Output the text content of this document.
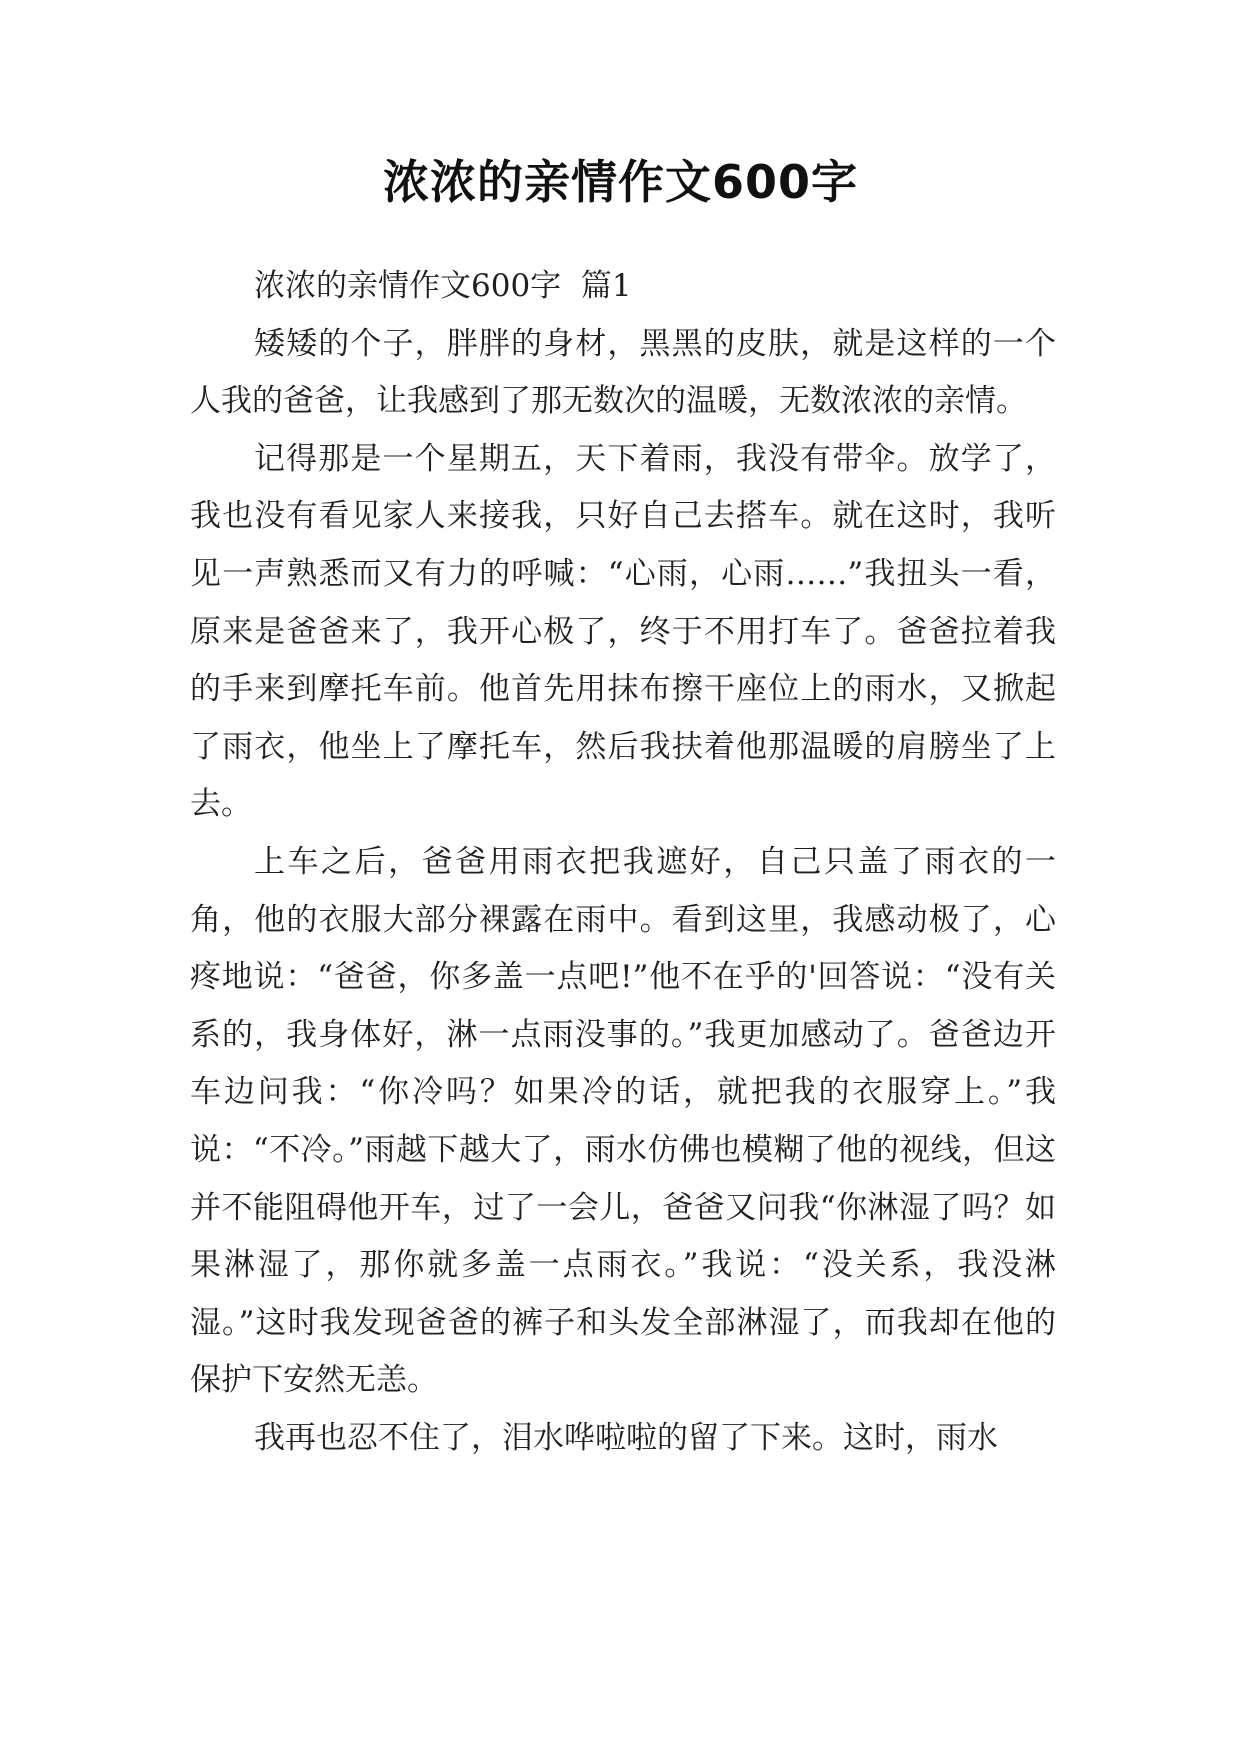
浓浓的亲情作文600字

浓浓的亲情作文600字  篇1

矮矮的个子，胖胖的身材，黑黑的皮肤，就是这样的一个人我的爸爸，让我感到了那无数次的温暖，无数浓浓的亲情。

记得那是一个星期五，天下着雨，我没有带伞。放学了，我也没有看见家人来接我，只好自己去搭车。就在这时，我听见一声熟悉而又有力的呼喊：“心雨，心雨……”我扭头一看，原来是爸爸来了，我开心极了，终于不用打车了。爸爸拉着我的手来到摩托车前。他首先用抹布擦干座位上的雨水，又掀起了雨衣，他坐上了摩托车，然后我扶着他那温暖的肩膀坐了上去。

上车之后，爸爸用雨衣把我遮好，自己只盖了雨衣的一角，他的衣服大部分裸露在雨中。看到这里，我感动极了，心疼地说：“爸爸，你多盖一点吧!”他不在乎的'回答说：“没有关系的，我身体好，淋一点雨没事的。”我更加感动了。爸爸边开车边问我：“你冷吗？如果冷的话，就把我的衣服穿上。”我说：“不冷。”雨越下越大了，雨水仿佛也模糊了他的视线，但这并不能阻碍他开车，过了一会儿，爸爸又问我“你淋湿了吗？如果淋湿了，那你就多盖一点雨衣。”我说：“没关系，我没淋湿。”这时我发现爸爸的裤子和头发全部淋湿了，而我却在他的保护下安然无恙。

我再也忍不住了，泪水哗啦啦的留了下来。这时，雨水
